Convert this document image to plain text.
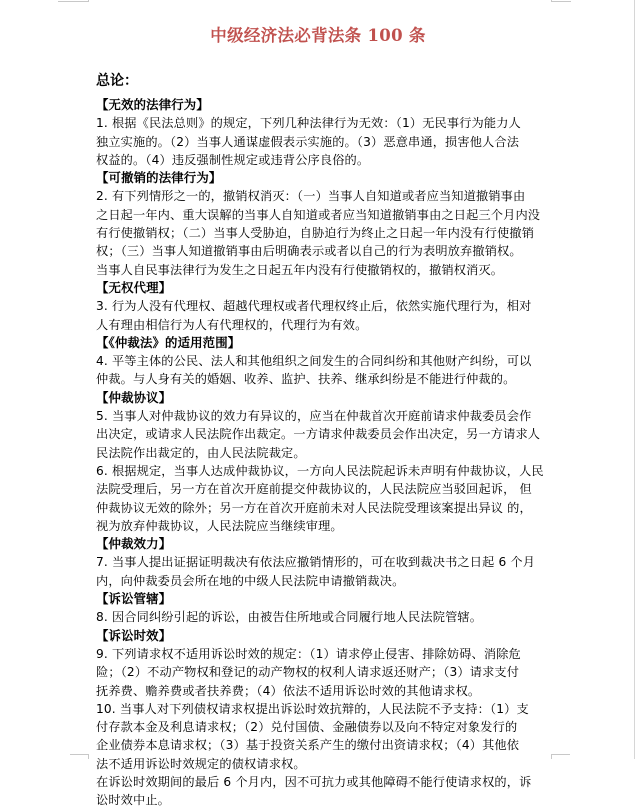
中级经济法必背法条 100 条
总论：
【无效的法律行为】
1. 根据《民法总则》的规定，下列几种法律行为无效：（1）无民事行为能力人
独立实施的。（2）当事人通谋虚假表示实施的。（3）恶意串通，损害他人合法
权益的。（4）违反强制性规定或违背公序良俗的。
【可撤销的法律行为】
2. 有下列情形之一的，撤销权消灭：（一）当事人自知道或者应当知道撤销事由
之日起一年内、重大误解的当事人自知道或者应当知道撤销事由之日起三个月内没
有行使撤销权；（二）当事人受胁迫，自胁迫行为终止之日起一年内没有行使撤销
权；（三）当事人知道撤销事由后明确表示或者以自己的行为表明放弃撤销权。
当事人自民事法律行为发生之日起五年内没有行使撤销权的，撤销权消灭。
【无权代理】
3. 行为人没有代理权、超越代理权或者代理权终止后，依然实施代理行为，相对
人有理由相信行为人有代理权的，代理行为有效。
【《仲裁法》的适用范围】
4. 平等主体的公民、法人和其他组织之间发生的合同纠纷和其他财产纠纷，可以
仲裁。与人身有关的婚姻、收养、监护、扶养、继承纠纷是不能进行仲裁的。
【仲裁协议】
5. 当事人对仲裁协议的效力有异议的，应当在仲裁首次开庭前请求仲裁委员会作
出决定，或请求人民法院作出裁定。一方请求仲裁委员会作出决定，另一方请求人
民法院作出裁定的，由人民法院裁定。
6. 根据规定，当事人达成仲裁协议，一方向人民法院起诉未声明有仲裁协议，人民
法院受理后，另一方在首次开庭前提交仲裁协议的，人民法院应当驳回起诉， 但
仲裁协议无效的除外；另一方在首次开庭前未对人民法院受理该案提出异议 的，
视为放弃仲裁协议，人民法院应当继续审理。
【仲裁效力】
7. 当事人提出证据证明裁决有依法应撤销情形的，可在收到裁决书之日起 6 个月
内，向仲裁委员会所在地的中级人民法院申请撤销裁决。
【诉讼管辖】
8. 因合同纠纷引起的诉讼，由被告住所地或合同履行地人民法院管辖。
【诉讼时效】
9. 下列请求权不适用诉讼时效的规定：（1）请求停止侵害、排除妨碍、消除危
险；（2）不动产物权和登记的动产物权的权利人请求返还财产；（3）请求支付
抚养费、赡养费或者扶养费；（4）依法不适用诉讼时效的其他请求权。
10. 当事人对下列债权请求权提出诉讼时效抗辩的，人民法院不予支持：（1）支
付存款本金及利息请求权；（2）兑付国债、金融债券以及向不特定对象发行的
企业债券本息请求权；（3）基于投资关系产生的缴付出资请求权；（4）其他依
法不适用诉讼时效规定的债权请求权。
在诉讼时效期间的最后 6 个月内，因不可抗力或其他障碍不能行使请求权的，诉
讼时效中止。
